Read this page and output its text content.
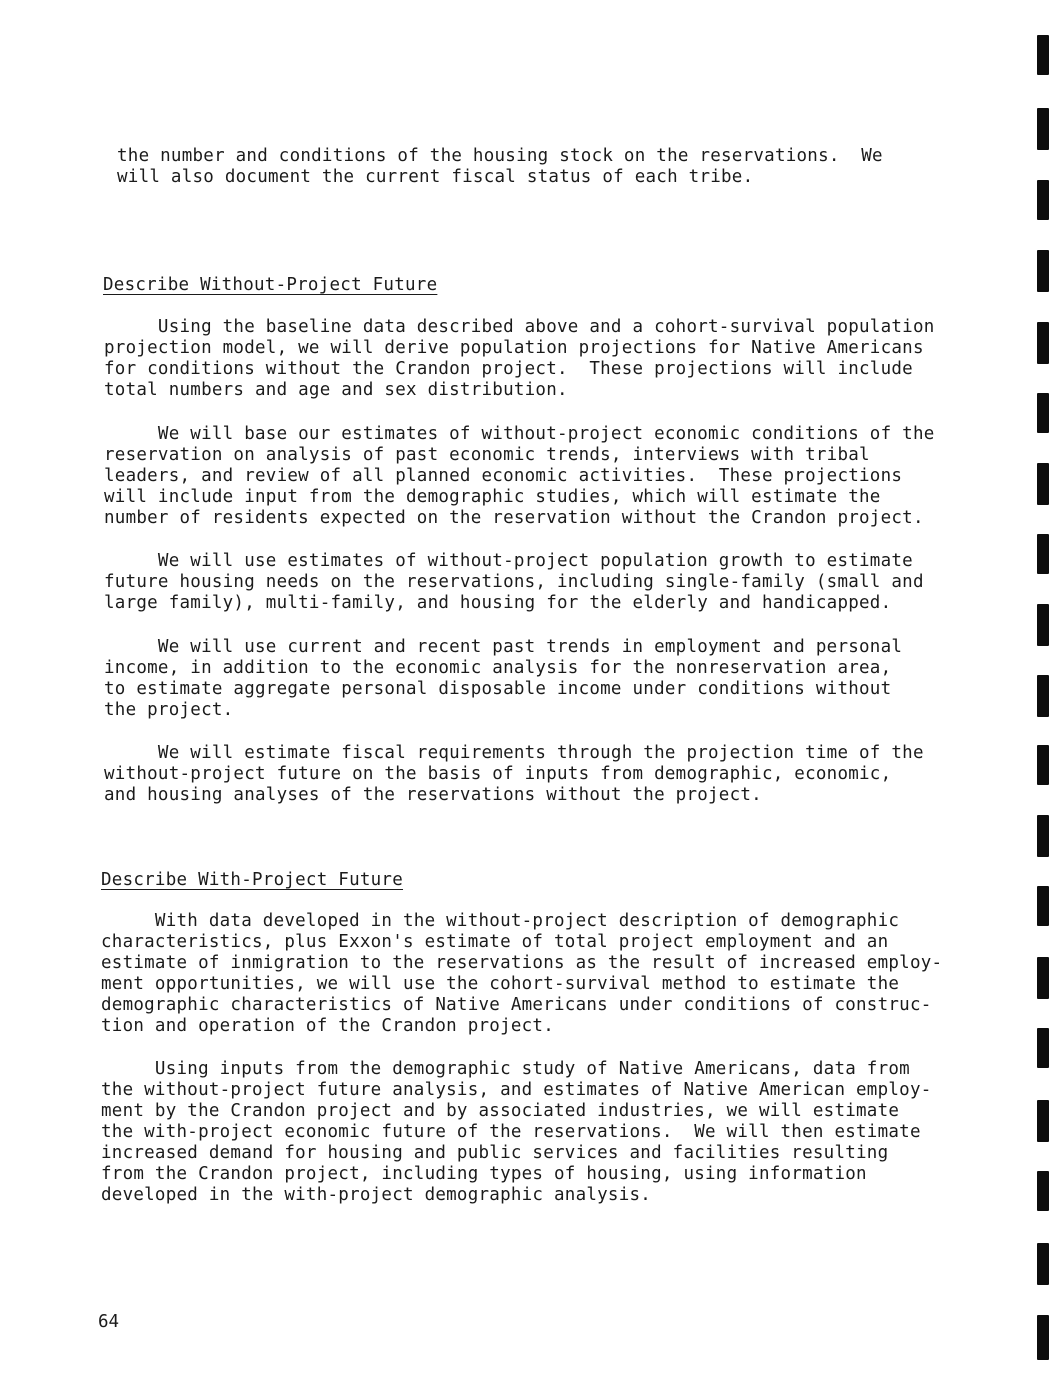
the number and conditions of the housing stock on the reservations.  We
will also document the current fiscal status of each tribe.
Describe Without-Project Future
Using the baseline data described above and a cohort-survival population
projection model, we will derive population projections for Native Americans
for conditions without the Crandon project.  These projections will include
total numbers and age and sex distribution.
We will base our estimates of without-project economic conditions of the
reservation on analysis of past economic trends, interviews with tribal
leaders, and review of all planned economic activities.  These projections
will include input from the demographic studies, which will estimate the
number of residents expected on the reservation without the Crandon project.
We will use estimates of without-project population growth to estimate
future housing needs on the reservations, including single-family (small and
large family), multi-family, and housing for the elderly and handicapped.
We will use current and recent past trends in employment and personal
income, in addition to the economic analysis for the nonreservation area,
to estimate aggregate personal disposable income under conditions without
the project.
We will estimate fiscal requirements through the projection time of the
without-project future on the basis of inputs from demographic, economic,
and housing analyses of the reservations without the project.
Describe With-Project Future
With data developed in the without-project description of demographic
characteristics, plus Exxon's estimate of total project employment and an
estimate of inmigration to the reservations as the result of increased employ-
ment opportunities, we will use the cohort-survival method to estimate the
demographic characteristics of Native Americans under conditions of construc-
tion and operation of the Crandon project.
Using inputs from the demographic study of Native Americans, data from
the without-project future analysis, and estimates of Native American employ-
ment by the Crandon project and by associated industries, we will estimate
the with-project economic future of the reservations.  We will then estimate
increased demand for housing and public services and facilities resulting
from the Crandon project, including types of housing, using information
developed in the with-project demographic analysis.
64
